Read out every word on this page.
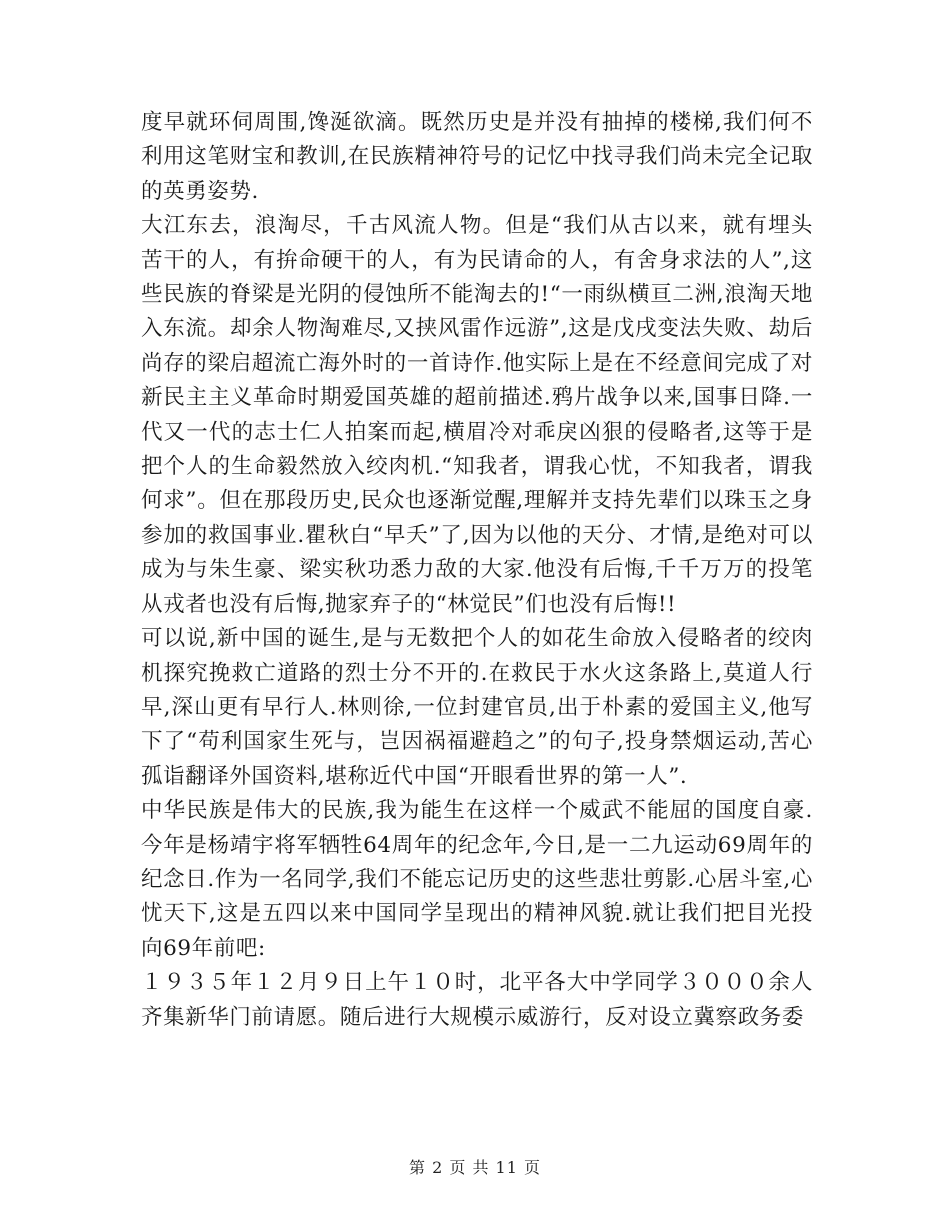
度早就环伺周围,馋涎欲滴。既然历史是并没有抽掉的楼梯,我们何不利用这笔财宝和教训,在民族精神符号的记忆中找寻我们尚未完全记取的英勇姿势.

大江东去，浪淘尽，千古风流人物。但是“我们从古以来，就有埋头苦干的人，有拚命硬干的人，有为民请命的人，有舍身求法的人”,这些民族的脊梁是光阴的侵蚀所不能淘去的!“一雨纵横亘二洲,浪淘天地入东流。却余人物淘难尽,又挟风雷作远游”,这是戊戌变法失败、劫后尚存的梁启超流亡海外时的一首诗作.他实际上是在不经意间完成了对新民主主义革命时期爱国英雄的超前描述.鸦片战争以来,国事日降.一代又一代的志士仁人拍案而起,横眉冷对乖戾凶狠的侵略者,这等于是把个人的生命毅然放入绞肉机.“知我者，谓我心忧，不知我者，谓我何求”。但在那段历史,民众也逐渐觉醒,理解并支持先辈们以珠玉之身参加的救国事业.瞿秋白“早夭”了,因为以他的天分、才情,是绝对可以成为与朱生豪、梁实秋功悉力敌的大家.他没有后悔,千千万万的投笔从戎者也没有后悔,抛家弃子的“林觉民”们也没有后悔!!

可以说,新中国的诞生,是与无数把个人的如花生命放入侵略者的绞肉机探究挽救亡道路的烈士分不开的.在救民于水火这条路上,莫道人行早,深山更有早行人.林则徐,一位封建官员,出于朴素的爱国主义,他写下了“苟利国家生死与，岂因祸福避趋之”的句子,投身禁烟运动,苦心孤诣翻译外国资料,堪称近代中国“开眼看世界的第一人”.

中华民族是伟大的民族,我为能生在这样一个威武不能屈的国度自豪.今年是杨靖宇将军牺牲64周年的纪念年,今日,是一二九运动69周年的纪念日.作为一名同学,我们不能忘记历史的这些悲壮剪影.心居斗室,心忧天下,这是五四以来中国同学呈现出的精神风貌.就让我们把目光投向69年前吧:

１９３５年１２月９日上午１０时，北平各大中学同学３０００余人齐集新华门前请愿。随后进行大规模示威游行，反对设立冀察政务委

第 2 页 共 11 页
